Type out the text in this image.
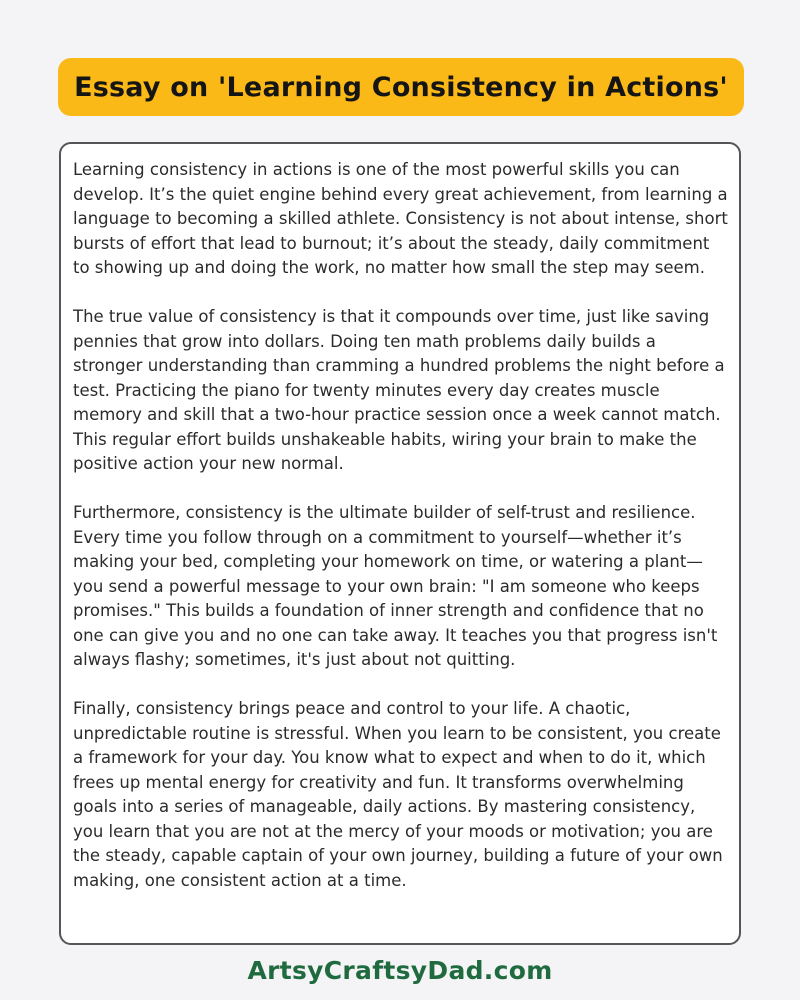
Essay on 'Learning Consistency in Actions'

Learning consistency in actions is one of the most powerful skills you can develop. It’s the quiet engine behind every great achievement, from learning a language to becoming a skilled athlete. Consistency is not about intense, short bursts of effort that lead to burnout; it’s about the steady, daily commitment to showing up and doing the work, no matter how small the step may seem.

The true value of consistency is that it compounds over time, just like saving pennies that grow into dollars. Doing ten math problems daily builds a stronger understanding than cramming a hundred problems the night before a test. Practicing the piano for twenty minutes every day creates muscle memory and skill that a two-hour practice session once a week cannot match. This regular effort builds unshakeable habits, wiring your brain to make the positive action your new normal.

Furthermore, consistency is the ultimate builder of self-trust and resilience. Every time you follow through on a commitment to yourself—whether it’s making your bed, completing your homework on time, or watering a plant—you send a powerful message to your own brain: "I am someone who keeps promises." This builds a foundation of inner strength and confidence that no one can give you and no one can take away. It teaches you that progress isn't always flashy; sometimes, it's just about not quitting.

Finally, consistency brings peace and control to your life. A chaotic, unpredictable routine is stressful. When you learn to be consistent, you create a framework for your day. You know what to expect and when to do it, which frees up mental energy for creativity and fun. It transforms overwhelming goals into a series of manageable, daily actions. By mastering consistency, you learn that you are not at the mercy of your moods or motivation; you are the steady, capable captain of your own journey, building a future of your own making, one consistent action at a time.

ArtsyCraftsyDad.com
